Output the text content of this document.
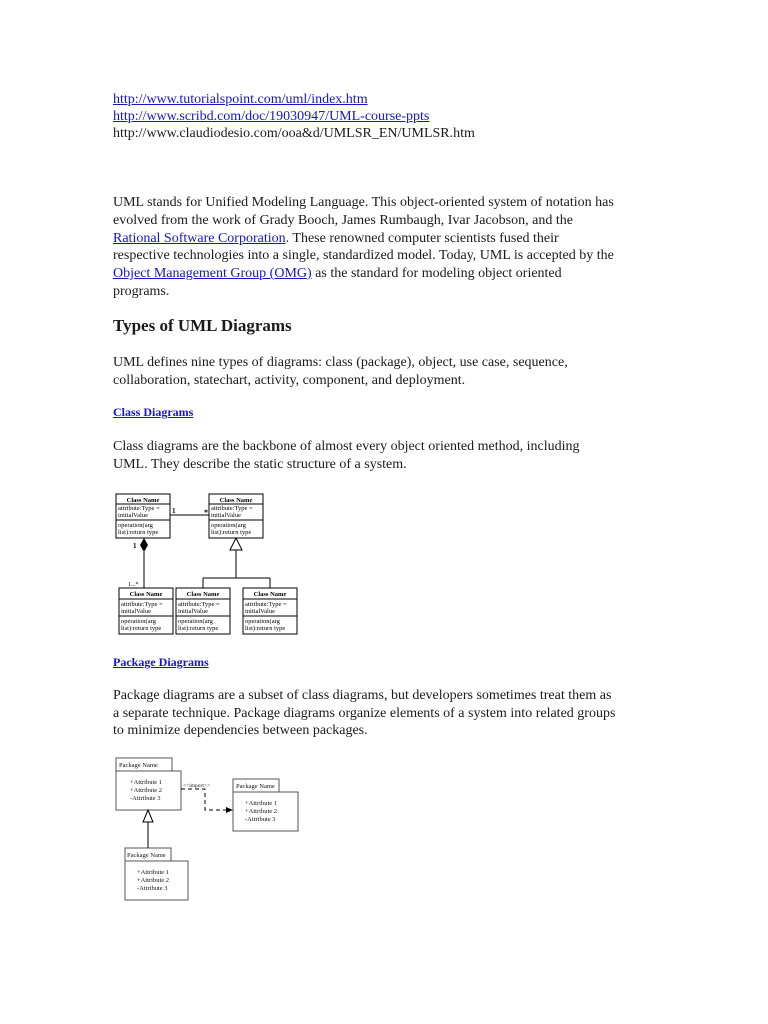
http://www.tutorialspoint.com/uml/index.htm
http://www.scribd.com/doc/19030947/UML-course-ppts
http://www.claudiodesio.com/ooa&d/UMLSR_EN/UMLSR.htm
UML stands for Unified Modeling Language. This object-oriented system of notation has
evolved from the work of Grady Booch, James Rumbaugh, Ivar Jacobson, and the
Rational Software Corporation. These renowned computer scientists fused their
respective technologies into a single, standardized model. Today, UML is accepted by the
Object Management Group (OMG) as the standard for modeling object oriented
programs.
Types of UML Diagrams
UML defines nine types of diagrams: class (package), object, use case, sequence,
collaboration, statechart, activity, component, and deployment.
Class Diagrams
Class diagrams are the backbone of almost every object oriented method, including
UML. They describe the static structure of a system.
Package Diagrams
Package diagrams are a subset of class diagrams, but developers sometimes treat them as
a separate technique. Package diagrams organize elements of a system into related groups
to minimize dependencies between packages.
Class Name
attribute:Type =
initialValue
operation(arg
list):return type
Class Name
attribute:Type =
initialValue
operation(arg
list):return type
Class Name
attribute:Type =
initialValue
operation(arg
list):return type
Class Name
attribute:Type =
initialValue
operation(arg
list):return type
Class Name
attribute:Type =
initialValue
operation(arg
list):return type
1	*
1
1...*
Package Name
+Attribute 1
+Attribute 2
-Attribute 3
Package Name
+Attribute 1
+Attribute 2
-Attribute 3
Package Name
+Attribute 1
+Attribute 2
-Attribute 3
<<import>>
